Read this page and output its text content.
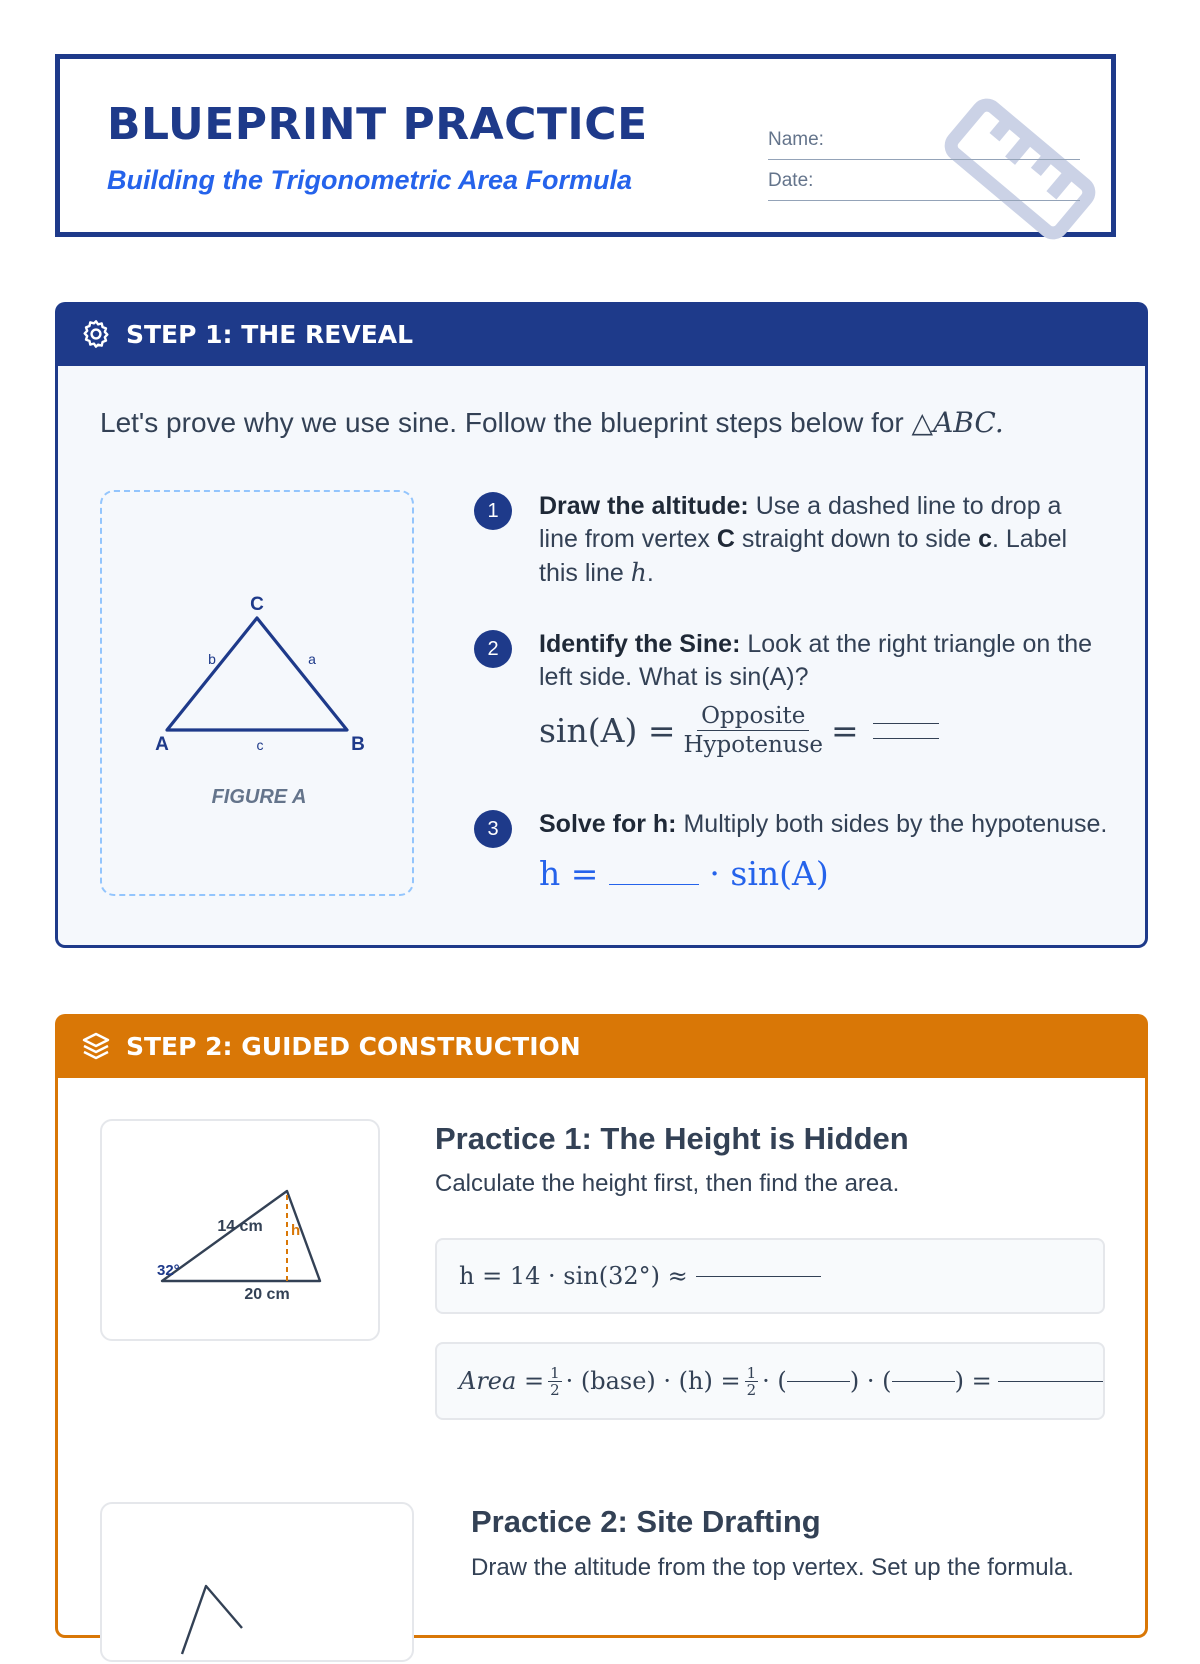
BLUEPRINT PRACTICE

Building the Trigonometric Area Formula

Name:
Date:
STEP 1: THE REVEAL
Let's prove why we use sine. Follow the blueprint steps below for △ABC.
C
A	B
b	a
c
FIGURE A
1	Draw the altitude: Use a dashed line to drop a line from vertex C straight down to side c. Label this line h.
2	Identify the Sine: Look at the right triangle on the left side. What is sin(A)?
$\sin(A) = \frac{\text{Opposite}}{\text{Hypotenuse}}$ =
3	Solve for h: Multiply both sides by the hypotenuse.
h =	· sin(A)
STEP 2: GUIDED CONSTRUCTION
14 cm
20 cm
32°
h
Practice 1: The Height is Hidden
Calculate the height first, then find the area.
h = 14 · sin(32°) ≈
Area = $\frac{1}{2}$ · (base) · $(h) = \frac{1}{2}$ · (	) · (	) =
Practice 2: Site Drafting
Draw the altitude from the top vertex. Set up the formula.
